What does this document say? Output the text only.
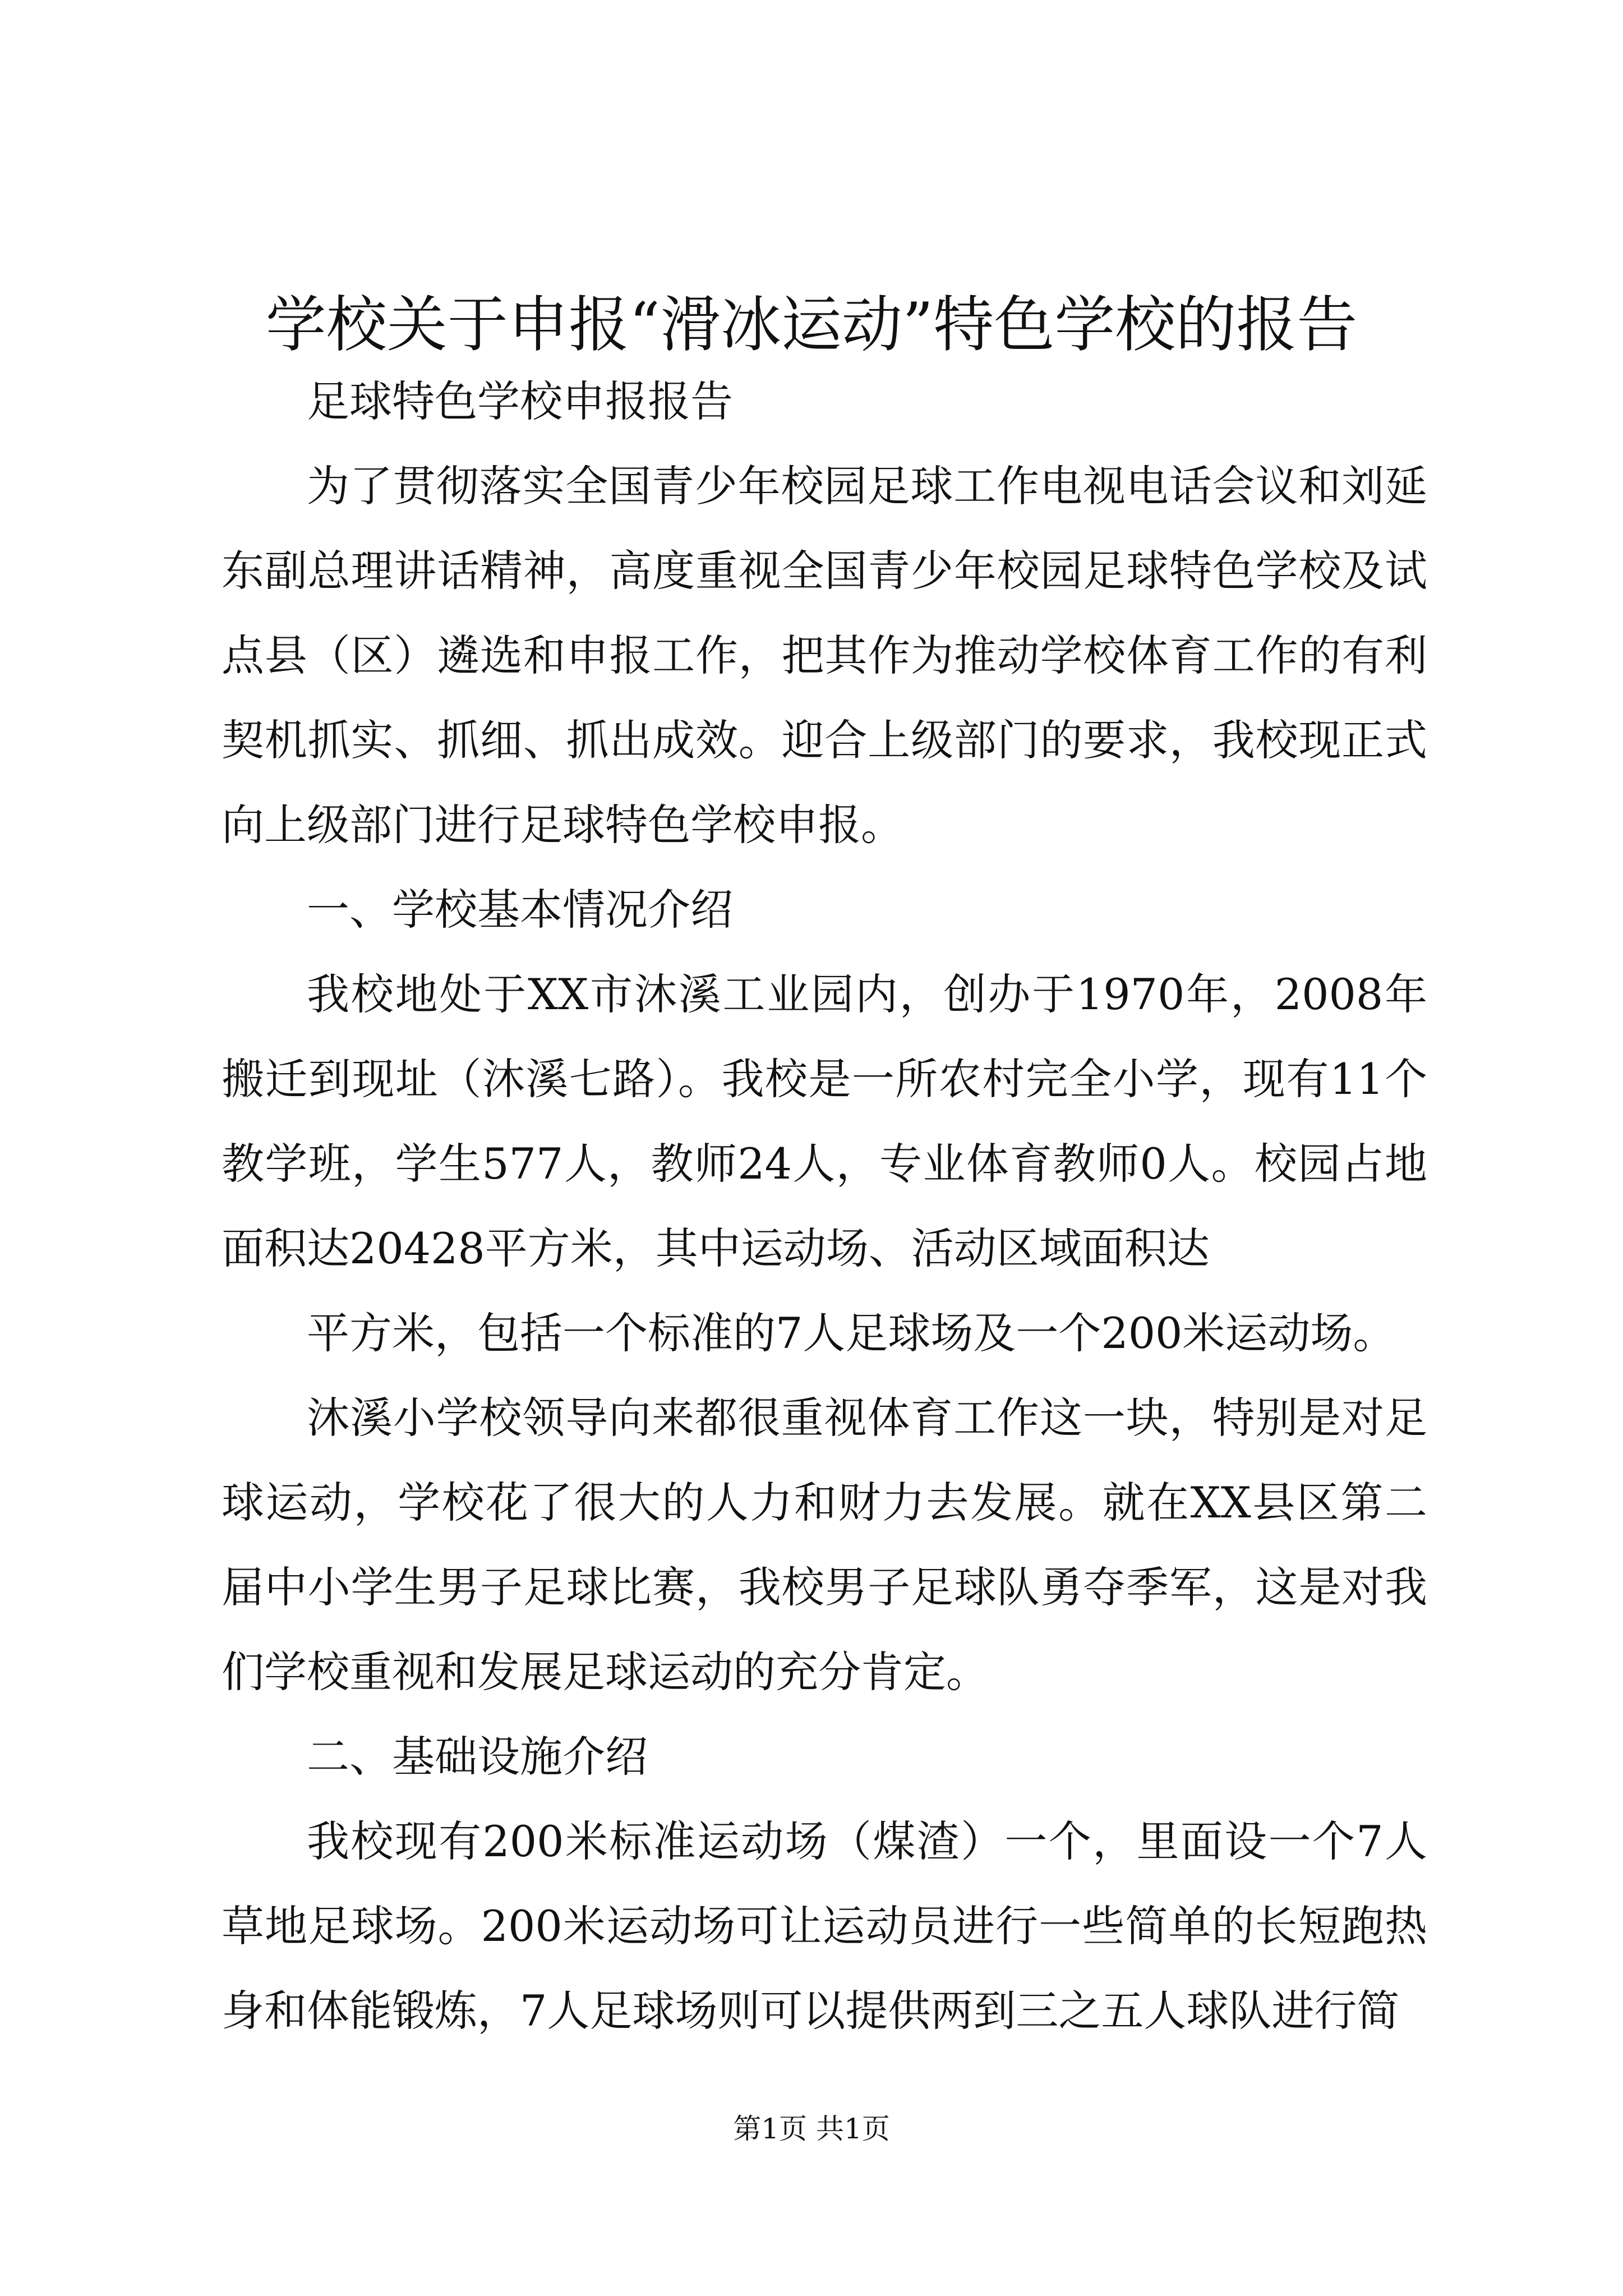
学校关于申报“滑冰运动”特色学校的报告

足球特色学校申报报告

为了贯彻落实全国青少年校园足球工作电视电话会议和刘延东副总理讲话精神，高度重视全国青少年校园足球特色学校及试点县（区）遴选和申报工作，把其作为推动学校体育工作的有利契机抓实、抓细、抓出成效。迎合上级部门的要求，我校现正式向上级部门进行足球特色学校申报。

一、学校基本情况介绍

我校地处于XX市沐溪工业园内，创办于1970年，2008年搬迁到现址（沐溪七路）。我校是一所农村完全小学，现有11个教学班，学生577人，教师24人，专业体育教师0人。校园占地面积达20428平方米，其中运动场、活动区域面积达

平方米，包括一个标准的7人足球场及一个200米运动场。

沐溪小学校领导向来都很重视体育工作这一块，特别是对足球运动，学校花了很大的人力和财力去发展。就在XX县区第二届中小学生男子足球比赛，我校男子足球队勇夺季军，这是对我们学校重视和发展足球运动的充分肯定。

二、基础设施介绍

我校现有200米标准运动场（煤渣）一个，里面设一个7人草地足球场。200米运动场可让运动员进行一些简单的长短跑热身和体能锻炼，7人足球场则可以提供两到三之五人球队进行简

第1页 共1页
